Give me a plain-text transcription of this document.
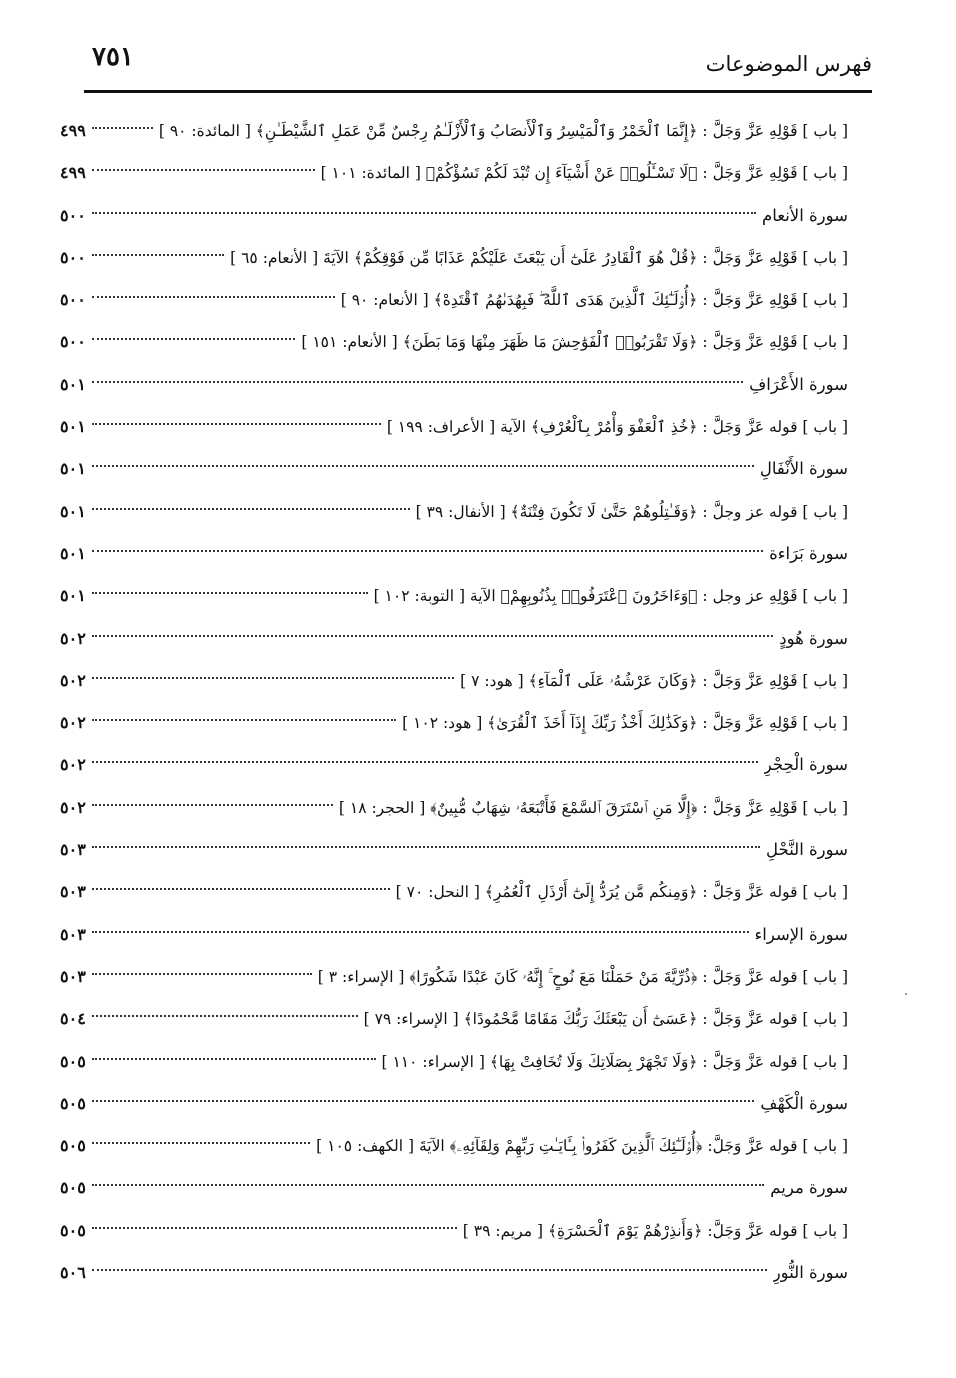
٧٥١	فهرس الموضوعات
[ باب ] قَوْلِهِ عَزَّ وَجَلَّ : ﴿إِنَّمَا ٱلْخَمْرُ وَٱلْمَيْسِرُ وَٱلْأَنصَابُ وَٱلْأَزْلَـٰمُ رِجْسٌ مِّنْ عَمَلِ ٱلشَّيْطَـٰنِ﴾ [ المائدة: ٩٠ ]
٤٩٩
[ باب ] قَوْلِهِ عَزَّ وَجَلَّ : ﴿لَا تَسْـَٔلُوا۟ عَنْ أَشْيَآءَ إِن تُبْدَ لَكُمْ تَسُؤْكُمْ﴾ [ المائدة: ١٠١ ]
٤٩٩
سورة الأنعام
٥٠٠
[ باب ] قَوْلِهِ عَزَّ وَجَلَّ : ﴿قُلْ هُوَ ٱلْقَادِرُ عَلَىٰٓ أَن يَبْعَثَ عَلَيْكُمْ عَذَابًا مِّن فَوْقِكُمْ﴾ الآيَةَ [ الأنعام: ٦٥ ]
٥٠٠
[ باب ] قَوْلِهِ عَزَّ وَجَلَّ : ﴿أُو۟لَـٰٓئِكَ ٱلَّذِينَ هَدَى ٱللَّهُ ۖ فَبِهُدَىٰهُمُ ٱقْتَدِهْ﴾ [ الأنعام: ٩٠ ]
٥٠٠
[ باب ] قَوْلِهِ عَزَّ وَجَلَّ : ﴿وَلَا تَقْرَبُوا۟ ٱلْفَوَٰحِشَ مَا ظَهَرَ مِنْهَا وَمَا بَطَنَ﴾ [ الأنعام: ١٥١ ]
٥٠٠
سورة الأَعْرَافِ
٥٠١
[ باب ] قوله عَزَّ وَجَلَّ : ﴿خُذِ ٱلْعَفْوَ وَأْمُرْ بِٱلْعُرْفِ﴾ الآية [ الأعراف: ١٩٩ ]
٥٠١
سورة الأَنْفَالِ
٥٠١
[ باب ] قوله عز وجلَّ : ﴿وَقَـٰتِلُوهُمْ حَتَّىٰ لَا تَكُونَ فِتْنَةٌ﴾ [ الأنفال: ٣٩ ]
٥٠١
سورة بَرَاءة
٥٠١
[ باب ] قَوْلِهِ عز وجل : ﴿وَءَاخَرُونَ ٱعْتَرَفُوا۟ بِذُنُوبِهِمْ﴾ الآية [ التوبة: ١٠٢ ]
٥٠١
سورة هُودٍ
٥٠٢
[ باب ] قَوْلِهِ عَزَّ وَجَلَّ : ﴿وَكَانَ عَرْشُهُۥ عَلَى ٱلْمَآءِ﴾ [ هود: ٧ ]
٥٠٢
[ باب ] قَوْلِهِ عَزَّ وَجَلَّ : ﴿وَكَذَٰلِكَ أَخْذُ رَبِّكَ إِذَآ أَخَذَ ٱلْقُرَىٰ﴾ [ هود: ١٠٢ ]
٥٠٢
سورة الْحِجْرِ
٥٠٢
[ باب ] قَوْلِهِ عَزَّ وَجَلَّ : ﴿إِلَّا مَنِ ٱسْتَرَقَ ٱلسَّمْعَ فَأَتْبَعَهُۥ شِهَابٌ مُّبِينٌ﴾ [ الحجر: ١٨ ]
٥٠٢
سورة النَّحْلِ
٥٠٣
[ باب ] قوله عَزَّ وَجَلَّ : ﴿وَمِنكُم مَّن يُرَدُّ إِلَىٰٓ أَرْذَلِ ٱلْعُمُرِ﴾ [ النحل: ٧٠ ]
٥٠٣
سورة الإسراء
٥٠٣
[ باب ] قوله عَزَّ وَجَلَّ : ﴿ذُرِّيَّةَ مَنْ حَمَلْنَا مَعَ نُوحٍ ۚ إِنَّهُۥ كَانَ عَبْدًا شَكُورًا﴾ [ الإسراء: ٣ ]
٥٠٣
[ باب ] قوله عَزَّ وَجَلَّ : ﴿عَسَىٰٓ أَن يَبْعَثَكَ رَبُّكَ مَقَامًا مَّحْمُودًا﴾ [ الإسراء: ٧٩ ]
٥٠٤
[ باب ] قوله عَزَّ وَجَلَّ : ﴿وَلَا تَجْهَرْ بِصَلَاتِكَ وَلَا تُخَافِتْ بِهَا﴾ [ الإسراء: ١١٠ ]
٥٠٥
سورة الْكَهْفِ
٥٠٥
[ باب ] قوله عَزَّ وَجَلَّ: ﴿أُو۟لَـٰٓئِكَ ٱلَّذِينَ كَفَرُوا۟ بِـَٔايَـٰتِ رَبِّهِمْ وَلِقَآئِهِۦ﴾ الآيَةَ [ الكهف: ١٠٥ ]
٥٠٥
سورة مريم
٥٠٥
[ باب ] قوله عَزَّ وَجَلَّ: ﴿وَأَنذِرْهُمْ يَوْمَ ٱلْحَسْرَةِ﴾ [ مريم: ٣٩ ]
٥٠٥
سورة النُّورِ
٥٠٦
